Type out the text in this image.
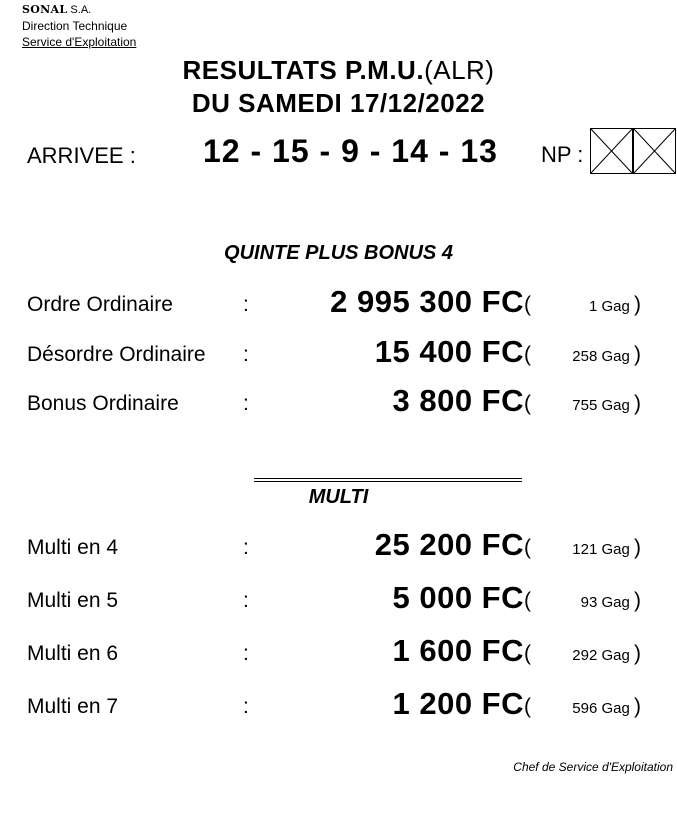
SONAL S.A.
Direction Technique
Service d'Exploitation
RESULTATS P.M.U.(ALR)
DU SAMEDI 17/12/2022
ARRIVEE : 12 - 15 - 9 - 14 - 13 NP :
QUINTE PLUS BONUS 4
Ordre Ordinaire	:	2 995 300 FC (	1 Gag )
Désordre Ordinaire :	15 400 FC (	258 Gag )
Bonus Ordinaire	:	3 800 FC (	755 Gag )
MULTI
Multi en 4	:	25 200 FC (	121 Gag )
Multi en 5	:	5 000 FC (	93 Gag )
Multi en 6	:	1 600 FC (	292 Gag )
Multi en 7	:	1 200 FC (	596 Gag )
Chef de Service d'Exploitation
